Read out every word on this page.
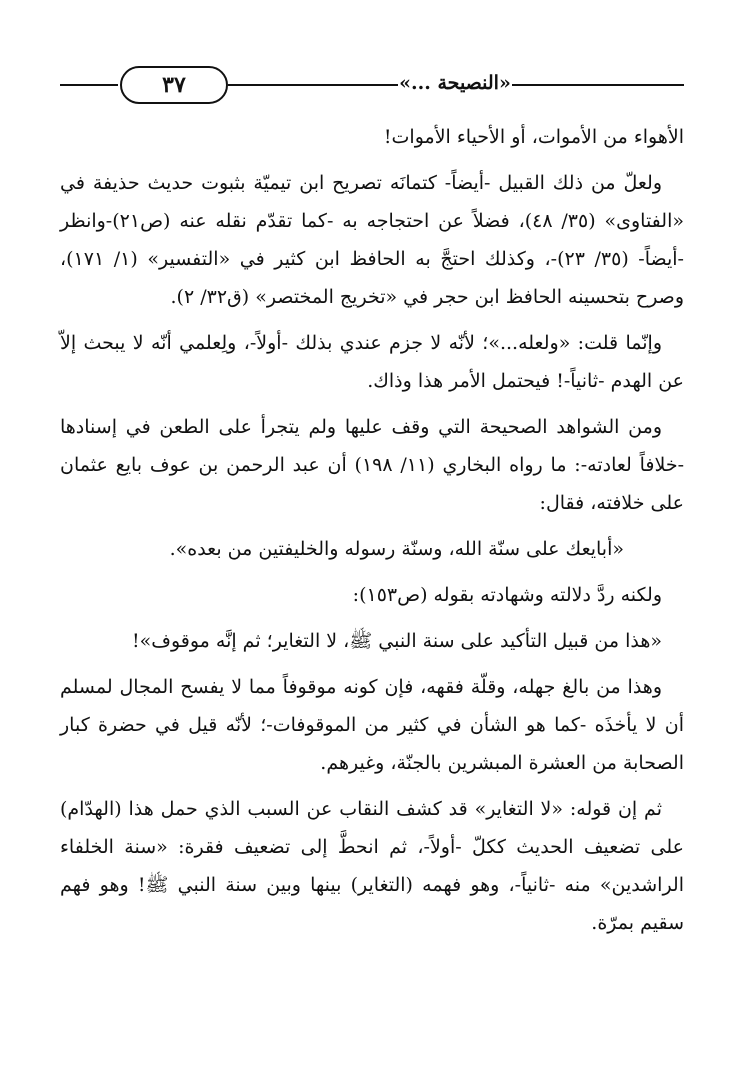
٣٧	«النصيحة ...»

الأهواء من الأموات، أو الأحياء الأموات!

ولعلّ من ذلك القبيل -أيضاً- كتمانَه تصريح ابن تيميّة بثبوت حديث حذيفة في «الفتاوى» (٣٥/ ٤٨)، فضلاً عن احتجاجه به -كما تقدّم نقله عنه (ص٢١)-وانظر -أيضاً- (٣٥/ ٢٣)-، وكذلك احتجَّ به الحافظ ابن كثير في «التفسير» (١/ ١٧١)، وصرح بتحسينه الحافظ ابن حجر في «تخريج المختصر» (ق٣٢/ ٢).

وإنّما قلت: «ولعله...»؛ لأنّه لا جزم عندي بذلك -أولاً-، ولِعلمي أنّه لا يبحث إلاّ عن الهدم -ثانياً-! فيحتمل الأمر هذا وذاك.

ومن الشواهد الصحيحة التي وقف عليها ولم يتجرأ على الطعن في إسنادها -خلافاً لعادته-: ما رواه البخاري (١١/ ١٩٨) أن عبد الرحمن بن عوف بايع عثمان على خلافته، فقال:

«أبايعك على سنّة الله، وسنّة رسوله والخليفتين من بعده».

ولكنه ردَّ دلالته وشهادته بقوله (ص١٥٣):

«هذا من قبيل التأكيد على سنة النبي ﷺ، لا التغاير؛ ثم إنَّه موقوف»!

وهذا من بالغ جهله، وقلّة فقهه، فإن كونه موقوفاً مما لا يفسح المجال لمسلم أن لا يأخذَه -كما هو الشأن في كثير من الموقوفات-؛ لأنّه قيل في حضرة كبار الصحابة من العشرة المبشرين بالجنّة، وغيرهم.

ثم إن قوله: «لا التغاير» قد كشف النقاب عن السبب الذي حمل هذا (الهدّام) على تضعيف الحديث ككلّ -أولاً-، ثم انحطَّ إلى تضعيف فقرة: «سنة الخلفاء الراشدين» منه -ثانياً-، وهو فهمه (التغاير) بينها وبين سنة النبي ﷺ! وهو فهم سقيم بمرّة.
